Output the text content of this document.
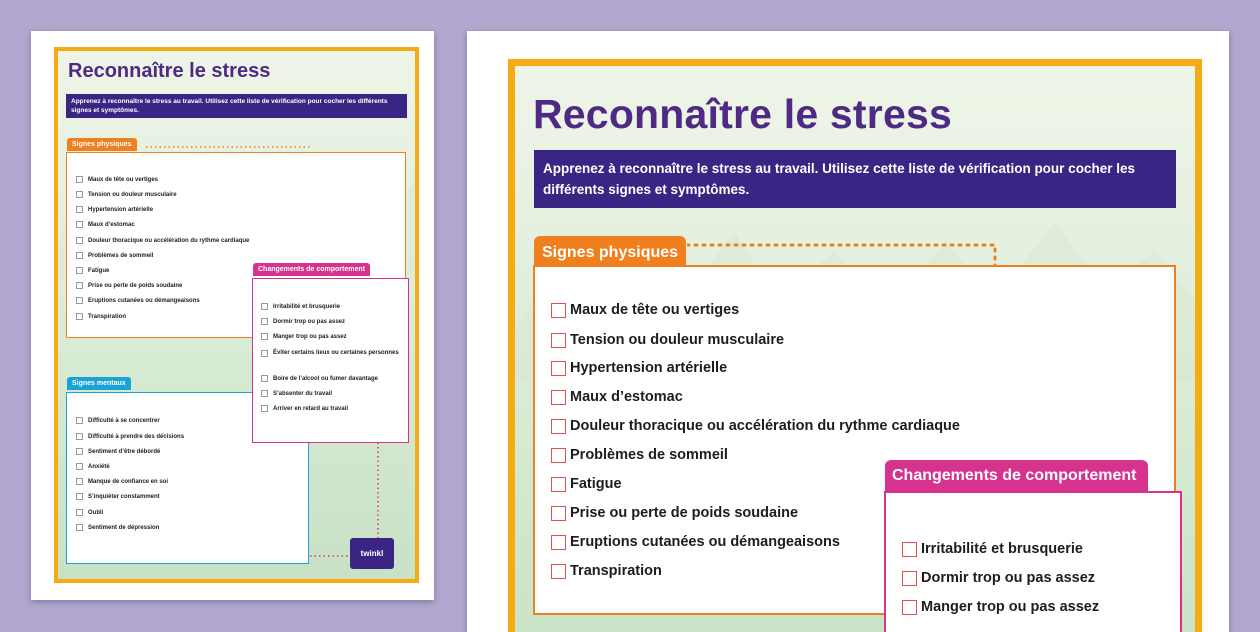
Reconnaître le stress
Apprenez à reconnaître le stress au travail. Utilisez cette liste de vérification pour cocher les différents signes et symptômes.
Signes physiques
Maux de tête ou vertiges
Tension ou douleur musculaire
Hypertension artérielle
Maux d’estomac
Douleur thoracique ou accélération du rythme cardiaque
Problèmes de sommeil
Fatigue
Prise ou perte de poids soudaine
Eruptions cutanées ou démangeaisons
Transpiration
Signes mentaux
Difficulté à se concentrer
Difficulté à prendre des décisions
Sentiment d’être débordé
Anxiété
Manque de confiance en soi
S’inquiéter constamment
Oubli
Sentiment de dépression
Changements de comportement
Irritabilité et brusquerie
Dormir trop ou pas assez
Manger trop ou pas assez
Éviter certains lieux ou certaines personnes
Boire de l’alcool ou fumer davantage
S’absenter du travail
Arriver en retard au travail
twinkl
Reconnaître le stress
Apprenez à reconnaître le stress au travail. Utilisez cette liste de vérification pour cocher les différents signes et symptômes.
Signes physiques
Maux de tête ou vertiges
Tension ou douleur musculaire
Hypertension artérielle
Maux d’estomac
Douleur thoracique ou accélération du rythme cardiaque
Problèmes de sommeil
Fatigue
Prise ou perte de poids soudaine
Eruptions cutanées ou démangeaisons
Transpiration
Changements de comportement
Irritabilité et brusquerie
Dormir trop ou pas assez
Manger trop ou pas assez
